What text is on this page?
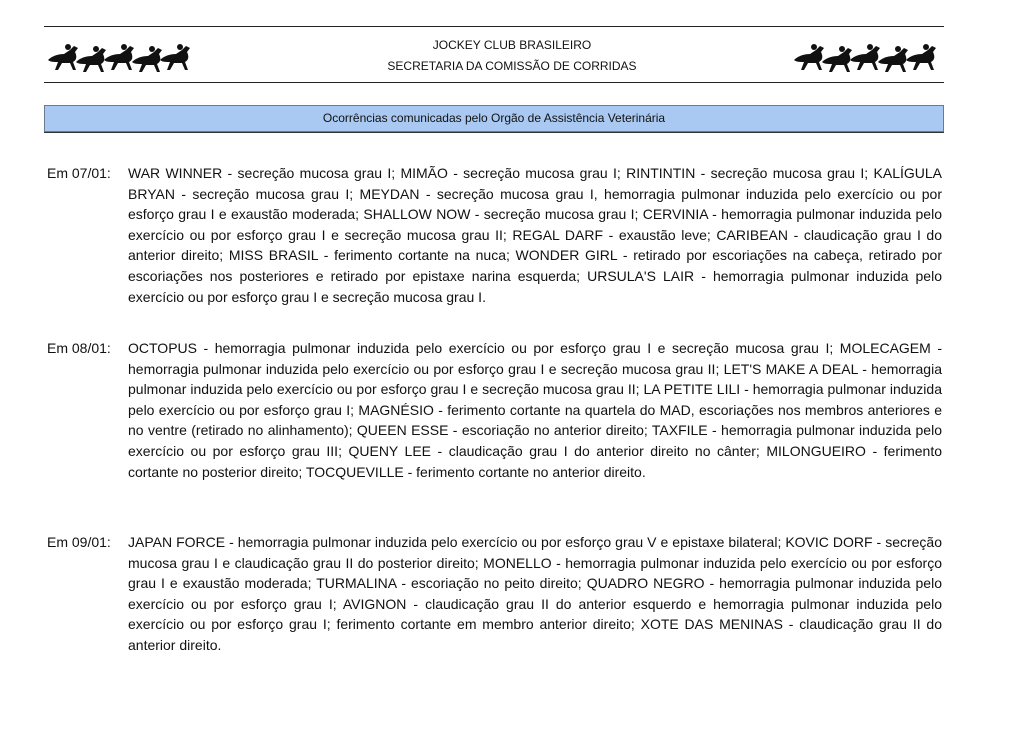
JOCKEY CLUB BRASILEIRO
SECRETARIA DA COMISSÃO DE CORRIDAS
Ocorrências comunicadas pelo Orgão de Assistência Veterinária
Em 07/01: WAR WINNER - secreção mucosa grau I; MIMÃO - secreção mucosa grau I; RINTINTIN - secreção mucosa grau I; KALÍGULA BRYAN - secreção mucosa grau I; MEYDAN - secreção mucosa grau I, hemorragia pulmonar induzida pelo exercício ou por esforço grau I e exaustão moderada; SHALLOW NOW - secreção mucosa grau I; CERVINIA - hemorragia pulmonar induzida pelo exercício ou por esforço grau I e secreção mucosa grau II; REGAL DARF - exaustão leve; CARIBEAN - claudicação grau I do anterior direito; MISS BRASIL - ferimento cortante na nuca; WONDER GIRL - retirado por escoriações na cabeça, retirado por escoriações nos posteriores e retirado por epistaxe narina esquerda; URSULA'S LAIR - hemorragia pulmonar induzida pelo exercício ou por esforço grau I e secreção mucosa grau I.
Em 08/01: OCTOPUS - hemorragia pulmonar induzida pelo exercício ou por esforço grau I e secreção mucosa grau I; MOLECAGEM - hemorragia pulmonar induzida pelo exercício ou por esforço grau I e secreção mucosa grau II; LET'S MAKE A DEAL - hemorragia pulmonar induzida pelo exercício ou por esforço grau I e secreção mucosa grau II; LA PETITE LILI - hemorragia pulmonar induzida pelo exercício ou por esforço grau I; MAGNÉSIO - ferimento cortante na quartela do MAD, escoriações nos membros anteriores e no ventre (retirado no alinhamento); QUEEN ESSE - escoriação no anterior direito; TAXFILE - hemorragia pulmonar induzida pelo exercício ou por esforço grau III; QUENY LEE - claudicação grau I do anterior direito no cânter; MILONGUEIRO - ferimento cortante no posterior direito; TOCQUEVILLE - ferimento cortante no anterior direito.
Em 09/01: JAPAN FORCE - hemorragia pulmonar induzida pelo exercício ou por esforço grau V e epistaxe bilateral; KOVIC DORF - secreção mucosa grau I e claudicação grau II do posterior direito; MONELLO - hemorragia pulmonar induzida pelo exercício ou por esforço grau I e exaustão moderada; TURMALINA - escoriação no peito direito; QUADRO NEGRO - hemorragia pulmonar induzida pelo exercício ou por esforço grau I; AVIGNON - claudicação grau II do anterior esquerdo e hemorragia pulmonar induzida pelo exercício ou por esforço grau I; ferimento cortante em membro anterior direito; XOTE DAS MENINAS - claudicação grau II do anterior direito.
